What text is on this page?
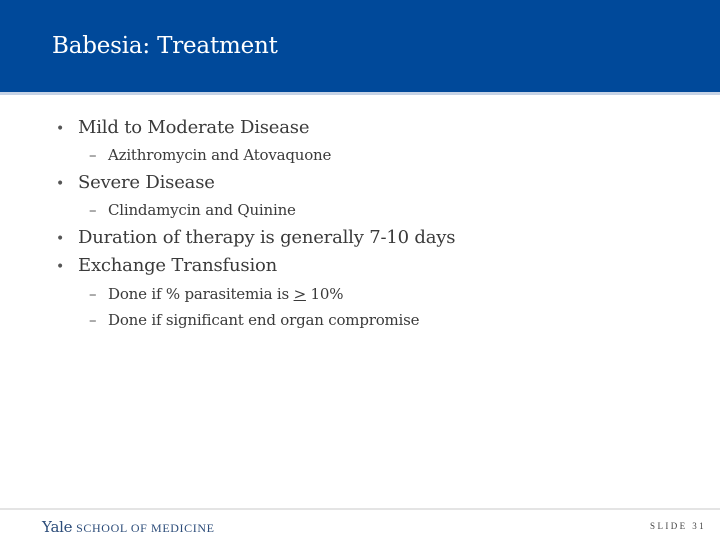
Babesia: Treatment
• Mild to Moderate Disease
– Azithromycin and Atovaquone
• Severe Disease
– Clindamycin and Quinine
• Duration of therapy is generally 7-10 days
• Exchange Transfusion
– Done if % parasitemia is ≥ 10%
– Done if significant end organ compromise
Yale SCHOOL OF MEDICINE	SLIDE 31
